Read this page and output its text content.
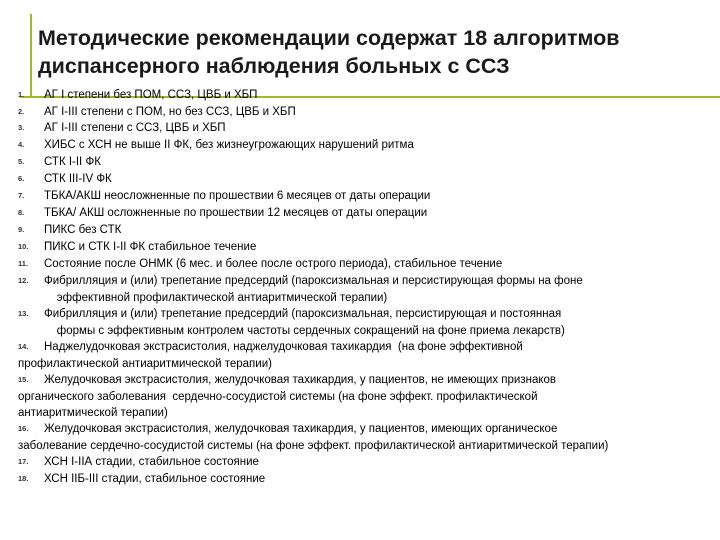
Методические рекомендации содержат 18 алгоритмов
диспансерного наблюдения больных с ССЗ
1.	АГ I степени без ПОМ, ССЗ, ЦВБ и ХБП
2.	АГ I-III степени с ПОМ, но без ССЗ, ЦВБ и ХБП
3.	АГ I-III степени с ССЗ, ЦВБ и ХБП
4.	ХИБС с ХСН не выше II ФК, без жизнеугрожающих нарушений ритма
5.	СТК I-II ФК
6.	СТК III-IV ФК
7.	ТБКА/АКШ неосложненные по прошествии 6 месяцев от даты операции
8.	ТБКА/ АКШ осложненные по прошествии 12 месяцев от даты операции
9.	ПИКС без СТК
10.	ПИКС и СТК I-II ФК стабильное течение
11.	Состояние после ОНМК (6 мес. и более после острого периода), стабильное течение
12.	Фибрилляция и (или) трепетание предсердий (пароксизмальная и персистирующая формы на фоне
эффективной профилактической антиаритмической терапии)
13.	Фибрилляция и (или) трепетание предсердий (пароксизмальная, персистирующая и постоянная
формы с эффективным контролем частоты сердечных сокращений на фоне приема лекарств)
14.	Наджелудочковая экстрасистолия, наджелудочковая тахикардия  (на фоне эффективной
профилактической антиаритмической терапии)
15.	Желудочковая экстрасистолия, желудочковая тахикардия, у пациентов, не имеющих признаков
органического заболевания  сердечно-сосудистой системы (на фоне эффект. профилактической
антиаритмической терапии)
16.	Желудочковая экстрасистолия, желудочковая тахикардия, у пациентов, имеющих органическое
заболевание сердечно-сосудистой системы (на фоне эффект. профилактической антиаритмической терапии)
17.	ХСН I-IIА стадии, стабильное состояние
18.	ХСН IIБ-III стадии, стабильное состояние
